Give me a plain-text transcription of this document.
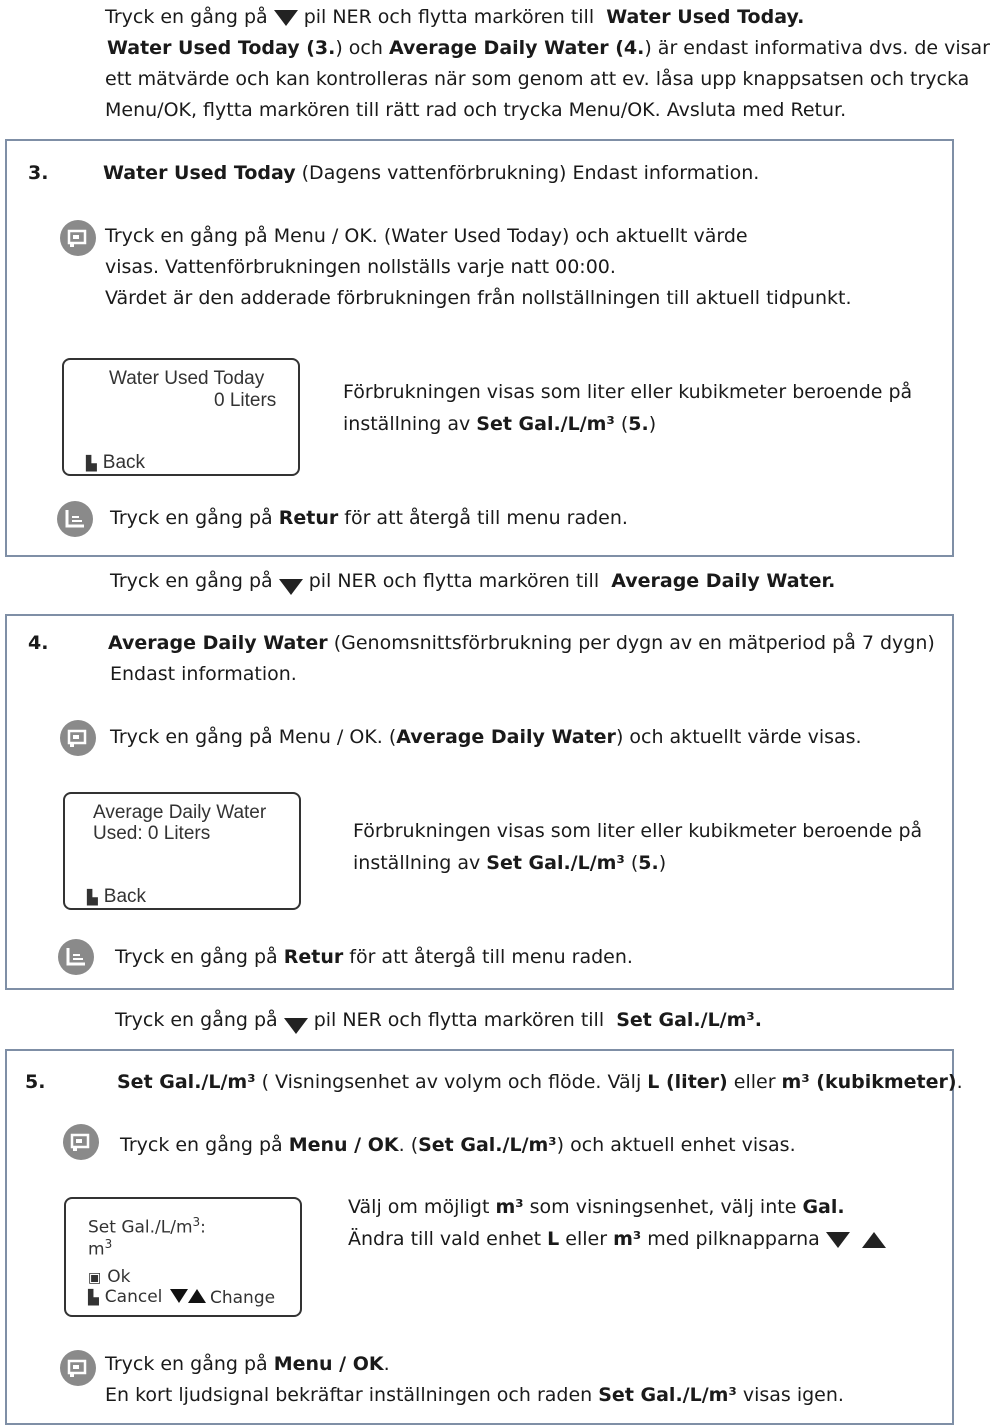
Tryck en gång på pil NER och flytta markören till Water Used Today.
Water Used Today (3.) och Average Daily Water (4.) är endast informativa dvs. de visar
ett mätvärde och kan kontrolleras när som genom att ev. låsa upp knappsatsen och trycka
Menu/OK, flytta markören till rätt rad och trycka Menu/OK. Avsluta med Retur.
3.	Water Used Today (Dagens vattenförbrukning) Endast information.
Tryck en gång på Menu / OK. (Water Used Today) och aktuellt värde
visas. Vattenförbrukningen nollställs varje natt 00:00.
Värdet är den adderade förbrukningen från nollställningen till aktuell tidpunkt.
Water Used Today
0 Liters
▙ Back
Förbrukningen visas som liter eller kubikmeter beroende på
inställning av Set Gal./L/m³ (5.)
Tryck en gång på Retur för att återgå till menu raden.
Tryck en gång på pil NER och flytta markören till Average Daily Water.
4.	Average Daily Water (Genomsnittsförbrukning per dygn av en mätperiod på 7 dygn)
Endast information.
Tryck en gång på Menu / OK. (Average Daily Water) och aktuellt värde visas.
Average Daily Water
Used: 0 Liters
▙ Back
Förbrukningen visas som liter eller kubikmeter beroende på
inställning av Set Gal./L/m³ (5.)
Tryck en gång på Retur för att återgå till menu raden.
Tryck en gång på pil NER och flytta markören till Set Gal./L/m³.
5.	Set Gal./L/m³ ( Visningsenhet av volym och flöde. Välj L (liter) eller m³ (kubikmeter).
Tryck en gång på Menu / OK. (Set Gal./L/m³) och aktuell enhet visas.
Set $Gal./L/m^3$:
$m^3$
▣ Ok
▙ Cancel	Change
Välj om möjligt m³ som visningsenhet, välj inte Gal.
Ändra till vald enhet L eller m³ med pilknapparna
Tryck en gång på Menu / OK.
En kort ljudsignal bekräftar inställningen och raden Set Gal./L/m³ visas igen.
